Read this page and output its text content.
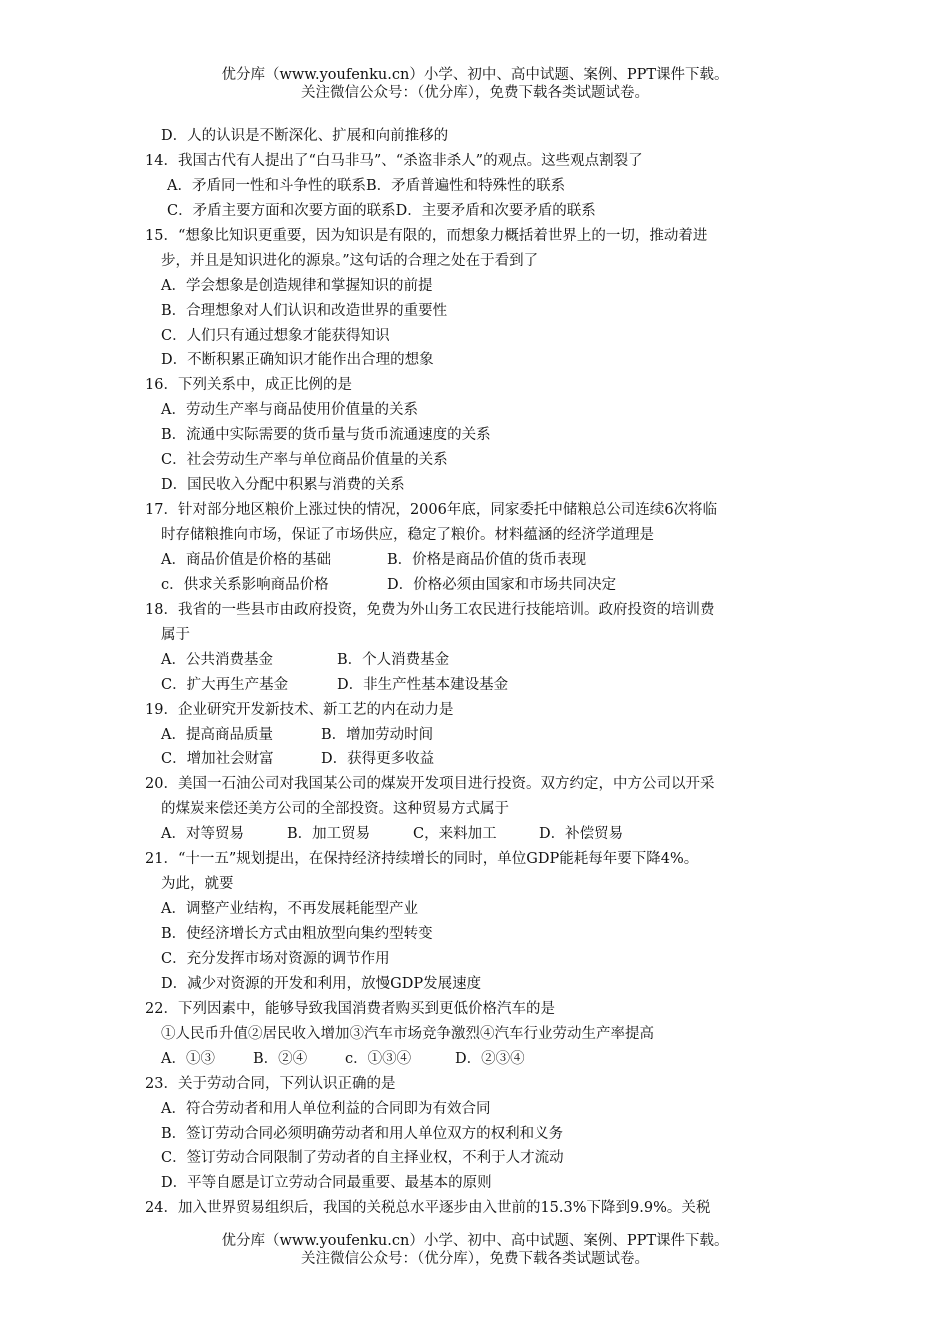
优分库（www.youfenku.cn）小学、初中、高中试题、案例、PPT课件下载。
关注微信公众号：（优分库），免费下载各类试题试卷。
D．人的认识是不断深化、扩展和向前推移的
14．我国古代有人提出了“白马非马”、“杀盗非杀人”的观点。这些观点割裂了
A．矛盾同一性和斗争性的联系B．矛盾普遍性和特殊性的联系
C．矛盾主要方面和次要方面的联系D．主要矛盾和次要矛盾的联系
15．“想象比知识更重要，因为知识是有限的，而想象力概括着世界上的一切，推动着进
步，并且是知识进化的源泉。”这句话的合理之处在于看到了
A．学会想象是创造规律和掌握知识的前提
B．合理想象对人们认识和改造世界的重要性
C．人们只有通过想象才能获得知识
D．不断积累正确知识才能作出合理的想象
16．下列关系中，成正比例的是
A．劳动生产率与商品使用价值量的关系
B．流通中实际需要的货币量与货币流通速度的关系
C．社会劳动生产率与单位商品价值量的关系
D．国民收入分配中积累与消费的关系
17．针对部分地区粮价上涨过快的情况，2006年底，同家委托中储粮总公司连续6次将临
时存储粮推向市场，保证了市场供应，稳定了粮价。材料蕴涵的经济学道理是
A．商品价值是价格的基础	B．价格是商品价值的货币表现
c．供求关系影响商品价格	D．价格必须由国家和市场共同决定
18．我省的一些县市由政府投资，免费为外山务工农民进行技能培训。政府投资的培训费
属于
A．公共消费基金	B．个人消费基金
C．扩大再生产基金	D．非生产性基本建设基金
19．企业研究开发新技术、新工艺的内在动力是
A．提高商品质量	B．增加劳动时间
C．增加社会财富	D．获得更多收益
20．美国一石油公司对我国某公司的煤炭开发项目进行投资。双方约定，中方公司以开采
的煤炭来偿还美方公司的全部投资。这种贸易方式属于
A．对等贸易	B．加工贸易	C，来料加工	D．补偿贸易
21．“十一五”规划提出，在保持经济持续增长的同时，单位GDP能耗每年要下降4%。
为此，就要
A．调整产业结构，不再发展耗能型产业
B．使经济增长方式由粗放型向集约型转变
C．充分发挥市场对资源的调节作用
D．减少对资源的开发和利用，放慢GDP发展速度
22．下列因素中，能够导致我国消费者购买到更低价格汽车的是
①人民币升值②居民收入增加③汽车市场竞争激烈④汽车行业劳动生产率提高
A．①③	B．②④	c．①③④	D．②③④
23．关于劳动合同，下列认识正确的是
A．符合劳动者和用人单位利益的合同即为有效合同
B．签订劳动合同必须明确劳动者和用人单位双方的权利和义务
C．签订劳动合同限制了劳动者的自主择业权，不利于人才流动
D．平等自愿是订立劳动合同最重要、最基本的原则
24．加入世界贸易组织后，我国的关税总水平逐步由入世前的15.3%下降到9.9%。关税
优分库（www.youfenku.cn）小学、初中、高中试题、案例、PPT课件下载。
关注微信公众号：（优分库），免费下载各类试题试卷。
